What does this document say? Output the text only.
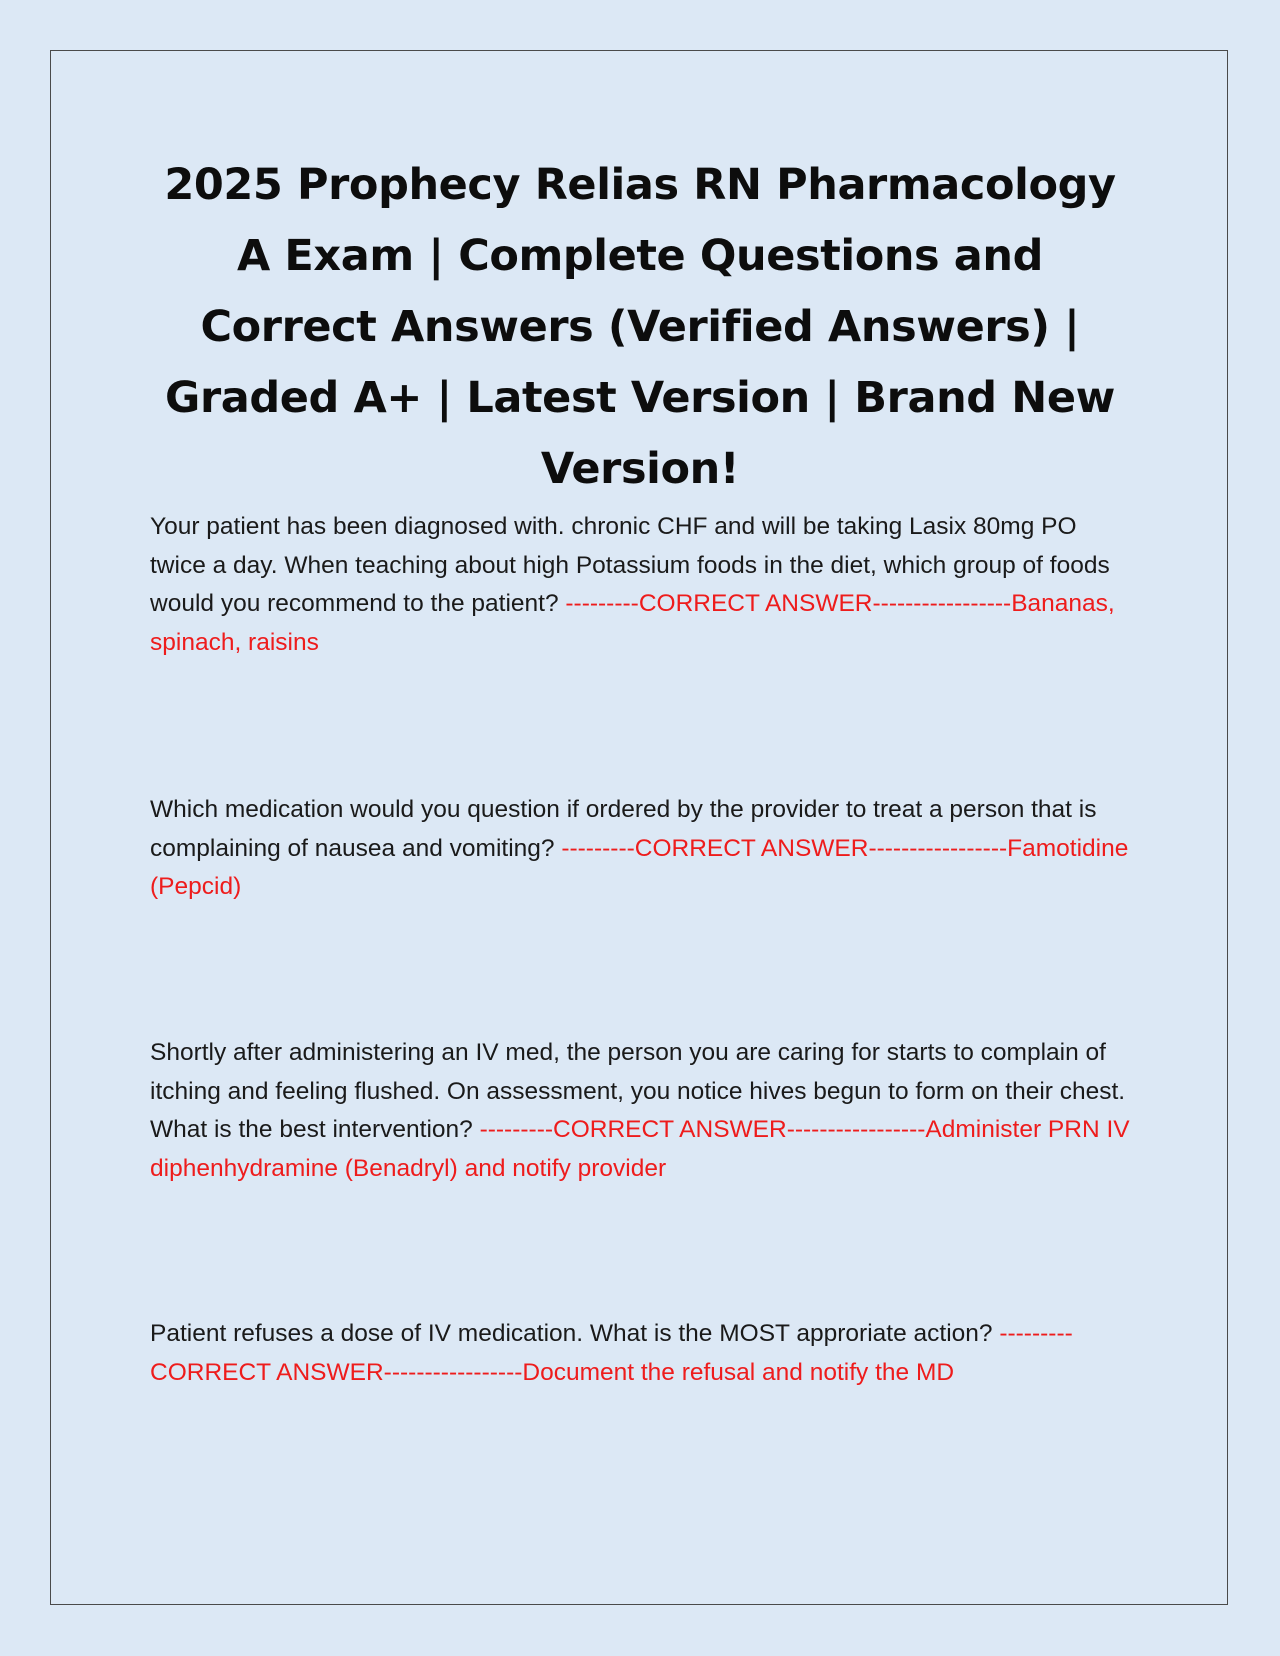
2025 Prophecy Relias RN Pharmacology A Exam | Complete Questions and Correct Answers (Verified Answers) | Graded A+ | Latest Version | Brand New Version!

Your patient has been diagnosed with. chronic CHF and will be taking Lasix 80mg PO twice a day. When teaching about high Potassium foods in the diet, which group of foods would you recommend to the patient? ---------CORRECT ANSWER-----------------Bananas, spinach, raisins

Which medication would you question if ordered by the provider to treat a person that is complaining of nausea and vomiting? ---------CORRECT ANSWER-----------------Famotidine (Pepcid)

Shortly after administering an IV med, the person you are caring for starts to complain of itching and feeling flushed. On assessment, you notice hives begun to form on their chest. What is the best intervention? ---------CORRECT ANSWER-----------------Administer PRN IV diphenhydramine (Benadryl) and notify provider

Patient refuses a dose of IV medication. What is the MOST approriate action? ---------CORRECT ANSWER-----------------Document the refusal and notify the MD
